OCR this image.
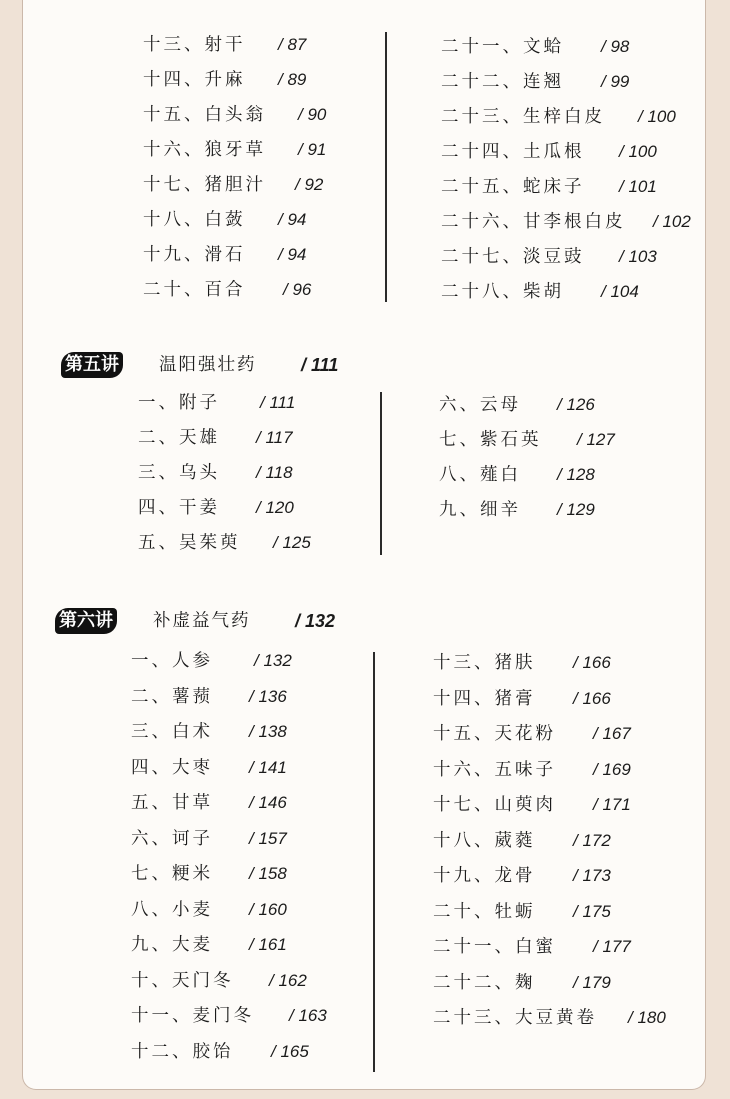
十三、射干 / 87
十四、升麻 / 89
十五、白头翁 / 90
十六、狼牙草 / 91
十七、猪胆汁 / 92
十八、白蔹 / 94
十九、滑石 / 94
二十、百合 / 96
二十一、文蛤 / 98
二十二、连翘 / 99
二十三、生梓白皮 / 100
二十四、土瓜根 / 100
二十五、蛇床子 / 101
二十六、甘李根白皮 / 102
二十七、淡豆豉 / 103
二十八、柴胡 / 104
第五讲 温阳强壮药 / 111
一、附子 / 111
二、天雄 / 117
三、乌头 / 118
四、干姜 / 120
五、吴茱萸 / 125
六、云母 / 126
七、紫石英 / 127
八、薤白 / 128
九、细辛 / 129
第六讲 补虚益气药 / 132
一、人参 / 132
二、薯蓣 / 136
三、白术 / 138
四、大枣 / 141
五、甘草 / 146
六、诃子 / 157
七、粳米 / 158
八、小麦 / 160
九、大麦 / 161
十、天门冬 / 162
十一、麦门冬 / 163
十二、胶饴 / 165
十三、猪肤 / 166
十四、猪膏 / 166
十五、天花粉 / 167
十六、五味子 / 169
十七、山萸肉 / 171
十八、葳蕤 / 172
十九、龙骨 / 173
二十、牡蛎 / 175
二十一、白蜜 / 177
二十二、麹 / 179
二十三、大豆黄卷 / 180
